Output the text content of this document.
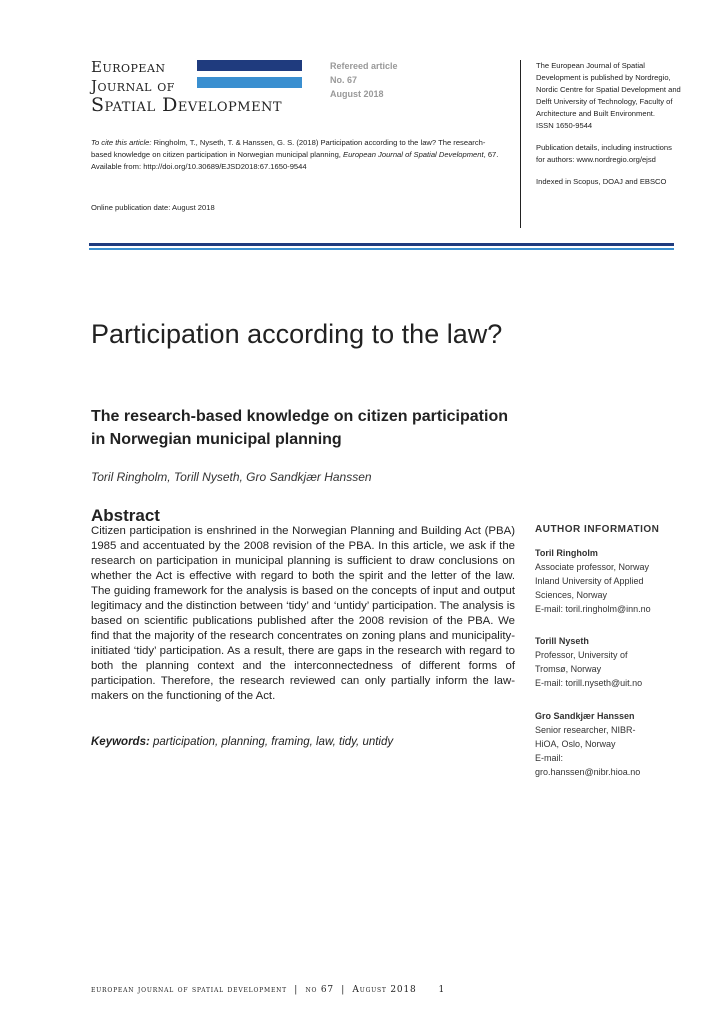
European
Journal of
Spatial Development
Refereed article
No. 67
August 2018
To cite this article: Ringholm, T., Nyseth, T. & Hanssen, G. S. (2018) Participation according to the law? The research-based knowledge on citizen participation in Norwegian municipal planning, European Journal of Spatial Development, 67.
Available from: http://doi.org/10.30689/EJSD2018:67.1650-9544
Online publication date: August 2018

The European Journal of Spatial Development is published by Nordregio, Nordic Centre for Spatial Development and Delft University of Technology, Faculty of Architecture and Built Environment.
ISSN 1650-9544

Publication details, including instructions for authors: www.nordregio.org/ejsd

Indexed in Scopus, DOAJ and EBSCO

Participation according to the law?
The research-based knowledge on citizen participation in Norwegian municipal planning
Toril Ringholm, Torill Nyseth, Gro Sandkjær Hanssen
Abstract

Citizen participation is enshrined in the Norwegian Planning and Building Act (PBA) 1985 and accentuated by the 2008 revision of the PBA. In this article, we ask if the research on participation in municipal planning is sufficient to draw conclusions on whether the Act is effective with regard to both the spirit and the letter of the law. The guiding framework for the analysis is based on the concepts of input and output legitimacy and the distinction between ‘tidy’ and ‘untidy’ participation. The analysis is based on scientific publications published after the 2008 revision of the PBA. We find that the majority of the research concentrates on zoning plans and municipality-initiated ‘tidy’ participation. As a result, there are gaps in the research with regard to both the planning context and the interconnectedness of different forms of participation. Therefore, the research reviewed can only partially inform the law-makers on the functioning of the Act.

Keywords: participation, planning, framing, law, tidy, untidy
AUTHOR INFORMATION
Toril Ringholm
Associate professor, Norway
Inland University of Applied
Sciences, Norway
E-mail: toril.ringholm@inn.no
Torill Nyseth
Professor, University of
Tromsø, Norway
E-mail: torill.nyseth@uit.no
Gro Sandkjær Hanssen
Senior researcher, NIBR-
HiOA, Oslo, Norway
E-mail:
gro.hanssen@nibr.hioa.no
european journal of spatial development  |  no 67  |  August 2018 1
